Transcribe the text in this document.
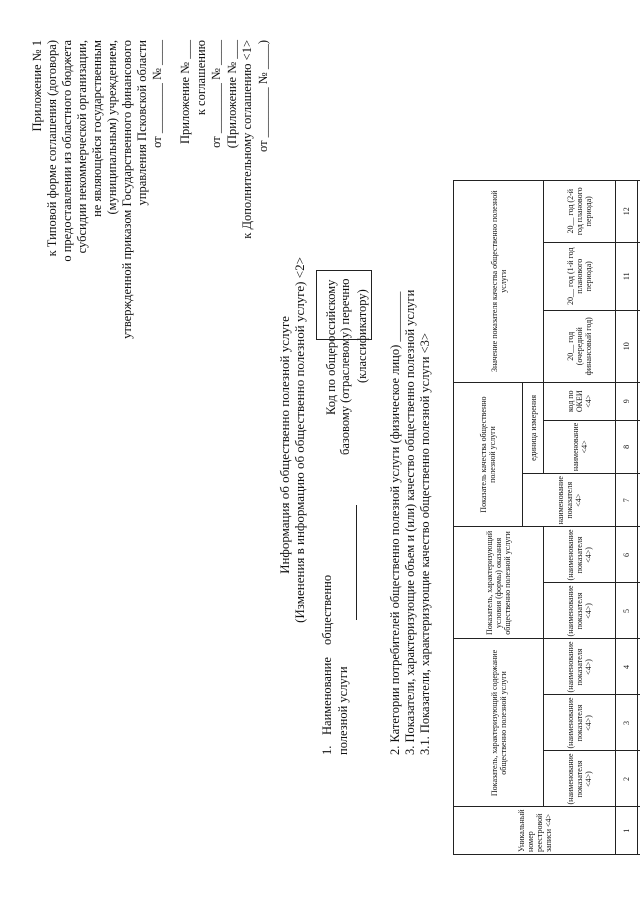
Приложение № 1 к Типовой форме соглашения (договора) о предоставлении из областного бюджета субсидии некоммерческой организации, не являющейся государственным (муниципальным) учреждением, утвержденной приказом Государственного финансового управления Псковской области от ________ № ____ Приложение № ___ к соглашению от ________ № ____ (Приложение № ___ к Дополнительному соглашению <1> от ________ № ____)
Информация об общественно полезной услуге (Изменения в информацию об общественно полезной услуге) <2>
1.
Наименование
общественно
полезной услуги
Код по общероссийскому базовому (отраслевому) перечню (классификатору) 2. Категории потребителей общественно полезной услуги (физическое лицо) ________ 3. Показатели, характеризующие объем и (или) качество общественно полезной услуги 3.1. Показатели, характеризующие качество общественно полезной услуги <3>
Уникальный номер реестровой записи <4>	Показатель, характеризующий содержание общественно полезной услуги			Показатель, характеризующий условия (формы) оказания общественно полезной услуги		Показатель качества общественно полезной услуги			Значение показателя качества общественно полезной услуги		
						наименование показателя <4>	единица измерения				
	(наименование показателя <4>)	(наименование показателя <4>)	(наименование показателя <4>)	(наименование показателя <4>)	(наименование показателя <4>)		наименование <4>	код по ОКЕИ <4>	20__ год (очередной финансовый год)	20__ год (1-й год планового периода)	20__ год (2-й год планового периода)
1	2	3	4	5	6	7	8	9	10	11	12
